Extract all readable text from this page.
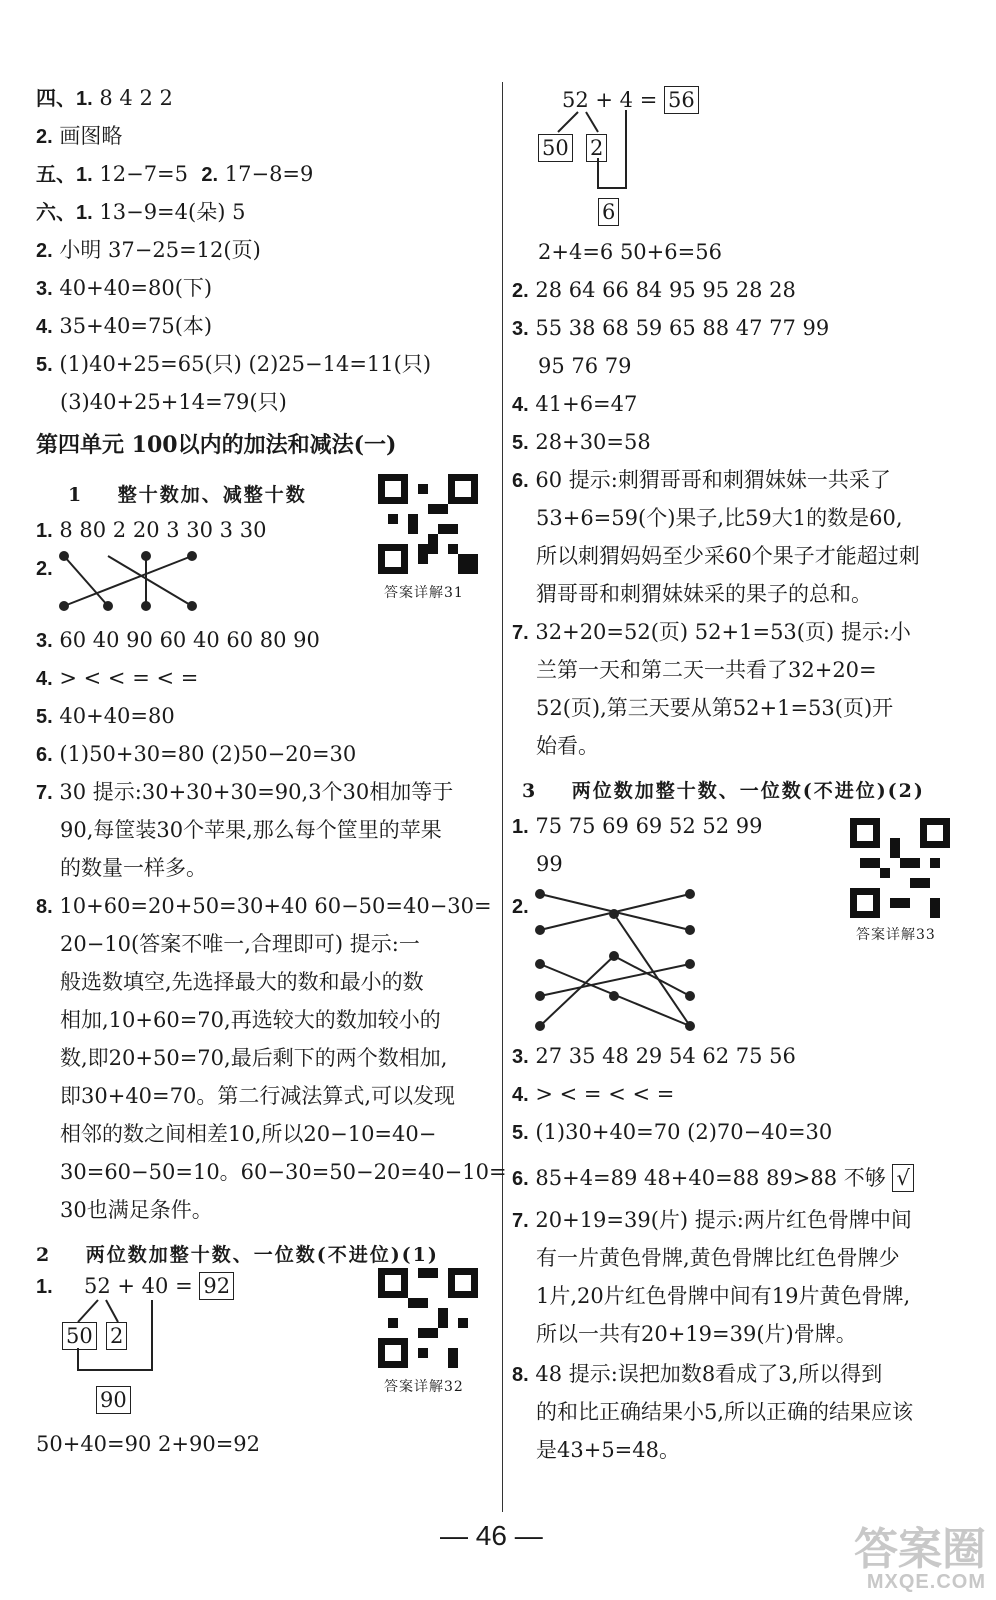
四、1. 8 4 2 2
2. 画图略
五、1. 12−7=5 2. 17−8=9
六、1. 13−9=4(朵) 5
2. 小明 37−25=12(页)
3. 40+40=80(下)
4. 35+40=75(本)
5. (1)40+25=65(只) (2)25−14=11(只)
(3)40+25+14=79(只)
第四单元 100以内的加法和减法(一)
1 整十数加、减整十数
1. 8 80 2 20 3 30 3 30
2.
3. 60 40 90 60 40 60 80 90
4. > < < = < =
5. 40+40=80
6. (1)50+30=80 (2)50−20=30
7. 30 提示:30+30+30=90,3个30相加等于
90,每筐装30个苹果,那么每个筐里的苹果
的数量一样多。
8. 10+60=20+50=30+40 60−50=40−30=
20−10(答案不唯一,合理即可) 提示:一
般选数填空,先选择最大的数和最小的数
相加,10+60=70,再选较大的数加较小的
数,即20+50=70,最后剩下的两个数相加,
即30+40=70。第二行减法算式,可以发现
相邻的数之间相差10,所以20−10=40−
30=60−50=10。60−30=50−20=40−10=
30也满足条件。
2 两位数加整十数、一位数(不进位)(1)
1. 52 + 40 = 92
50 2
90
50+40=90 2+90=92
答案详解31
答案详解32
52 + 4 = 56
50 2
6
2+4=6 50+6=56
2. 28 64 66 84 95 95 28 28
3. 55 38 68 59 65 88 47 77 99
95 76 79
4. 41+6=47
5. 28+30=58
6. 60 提示:刺猬哥哥和刺猬妹妹一共采了
53+6=59(个)果子,比59大1的数是60,
所以刺猬妈妈至少采60个果子才能超过刺
猬哥哥和刺猬妹妹采的果子的总和。
7. 32+20=52(页) 52+1=53(页) 提示:小
兰第一天和第二天一共看了32+20=
52(页),第三天要从第52+1=53(页)开
始看。
3 两位数加整十数、一位数(不进位)(2)
1. 75 75 69 69 52 52 99
99
2.
3. 27 35 48 29 54 62 75 56
4. > < = < < =
5. (1)30+40=70 (2)70−40=30
6. 85+4=89 48+40=88 89>88 不够 √
7. 20+19=39(片) 提示:两片红色骨牌中间
有一片黄色骨牌,黄色骨牌比红色骨牌少
1片,20片红色骨牌中间有19片黄色骨牌,
所以一共有20+19=39(片)骨牌。
8. 48 提示:误把加数8看成了3,所以得到
的和比正确结果小5,所以正确的结果应该
是43+5=48。
答案详解33
— 46 —	答案圈
MXQE.COM
